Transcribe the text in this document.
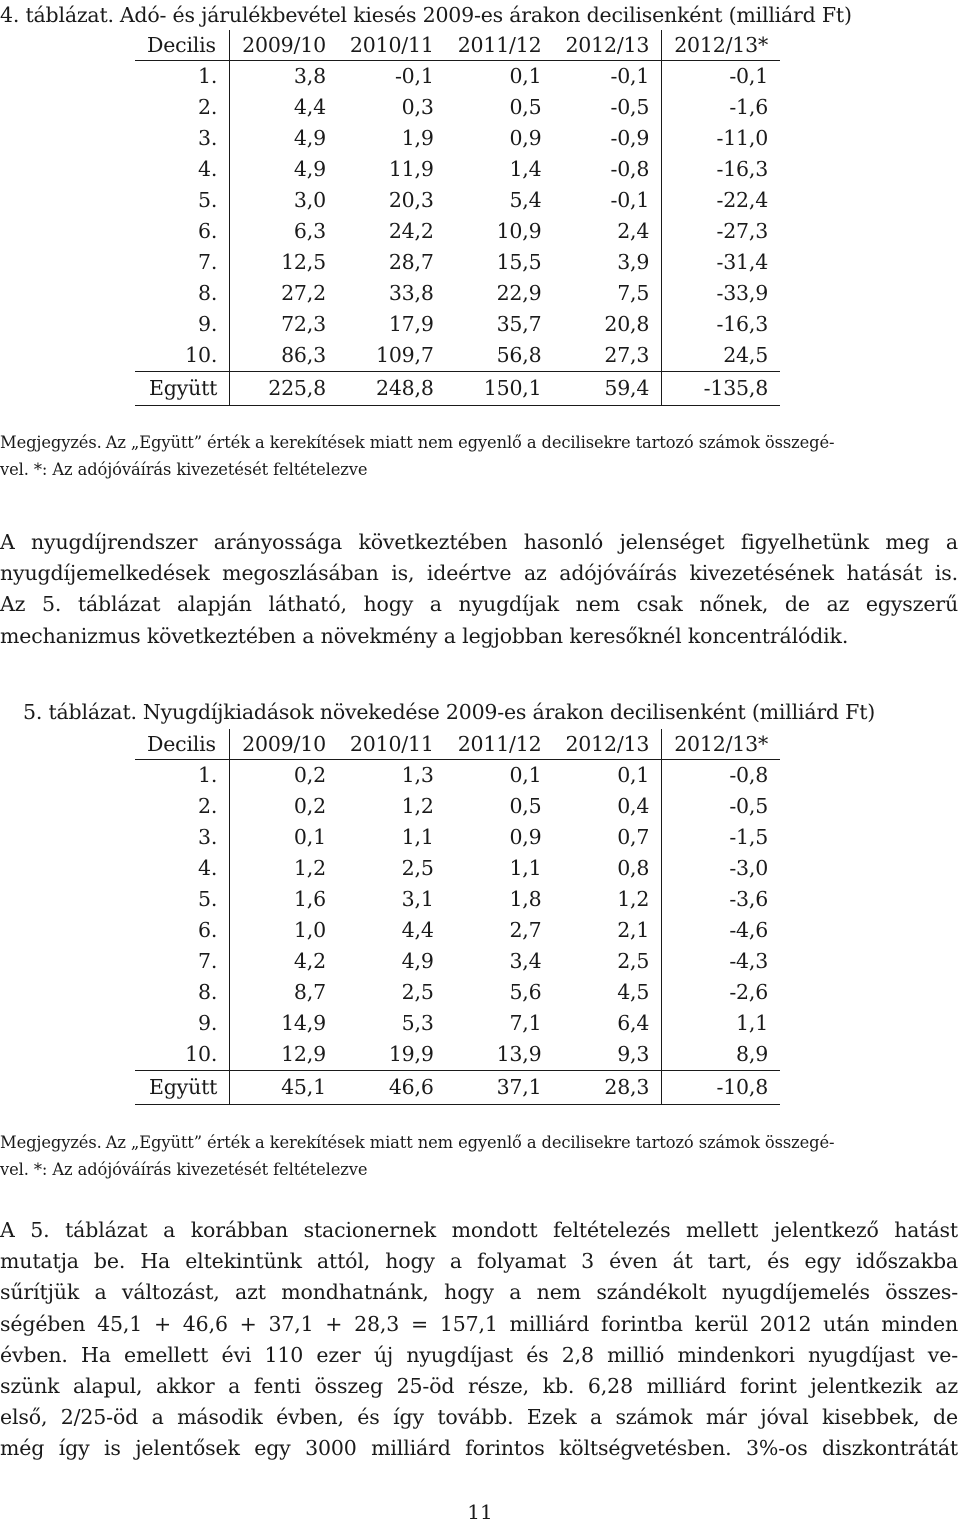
4. táblázat. Adó- és járulékbevétel kiesés 2009-es árakon decilisenként (milliárd Ft)
Decilis	2009/10	2010/11	2011/12	2012/13	2012/13*
1.	3,8	-0,1	0,1	-0,1	-0,1
2.	4,4	0,3	0,5	-0,5	-1,6
3.	4,9	1,9	0,9	-0,9	-11,0
4.	4,9	11,9	1,4	-0,8	-16,3
5.	3,0	20,3	5,4	-0,1	-22,4
6.	6,3	24,2	10,9	2,4	-27,3
7.	12,5	28,7	15,5	3,9	-31,4
8.	27,2	33,8	22,9	7,5	-33,9
9.	72,3	17,9	35,7	20,8	-16,3
10.	86,3	109,7	56,8	27,3	24,5
Együtt	225,8	248,8	150,1	59,4	-135,8
Megjegyzés. Az „Együtt” érték a kerekítések miatt nem egyenlő a decilisekre tartozó számok összegé-
vel. *: Az adójóváírás kivezetését feltételezve
A nyugdíjrendszer arányossága következtében hasonló jelenséget figyelhetünk meg a
nyugdíjemelkedések megoszlásában is, ideértve az adójóváírás kivezetésének hatását is.
Az 5. táblázat alapján látható, hogy a nyugdíjak nem csak nőnek, de az egyszerű
mechanizmus következtében a növekmény a legjobban keresőknél koncentrálódik.
5. táblázat. Nyugdíjkiadások növekedése 2009-es árakon decilisenként (milliárd Ft)
Decilis	2009/10	2010/11	2011/12	2012/13	2012/13*
1.	0,2	1,3	0,1	0,1	-0,8
2.	0,2	1,2	0,5	0,4	-0,5
3.	0,1	1,1	0,9	0,7	-1,5
4.	1,2	2,5	1,1	0,8	-3,0
5.	1,6	3,1	1,8	1,2	-3,6
6.	1,0	4,4	2,7	2,1	-4,6
7.	4,2	4,9	3,4	2,5	-4,3
8.	8,7	2,5	5,6	4,5	-2,6
9.	14,9	5,3	7,1	6,4	1,1
10.	12,9	19,9	13,9	9,3	8,9
Együtt	45,1	46,6	37,1	28,3	-10,8
Megjegyzés. Az „Együtt” érték a kerekítések miatt nem egyenlő a decilisekre tartozó számok összegé-
vel. *: Az adójóváírás kivezetését feltételezve
A 5. táblázat a korábban stacionernek mondott feltételezés mellett jelentkező hatást
mutatja be. Ha eltekintünk attól, hogy a folyamat 3 éven át tart, és egy időszakba
sűrítjük a változást, azt mondhatnánk, hogy a nem szándékolt nyugdíjemelés összes-
ségében 45,1 + 46,6 + 37,1 + 28,3 = 157,1 milliárd forintba kerül 2012 után minden
évben. Ha emellett évi 110 ezer új nyugdíjast és 2,8 millió mindenkori nyugdíjast ve-
szünk alapul, akkor a fenti összeg 25-öd része, kb. 6,28 milliárd forint jelentkezik az
első, 2/25-öd a második évben, és így tovább. Ezek a számok már jóval kisebbek, de
még így is jelentősek egy 3000 milliárd forintos költségvetésben. 3%-os diszkontrátát
11
